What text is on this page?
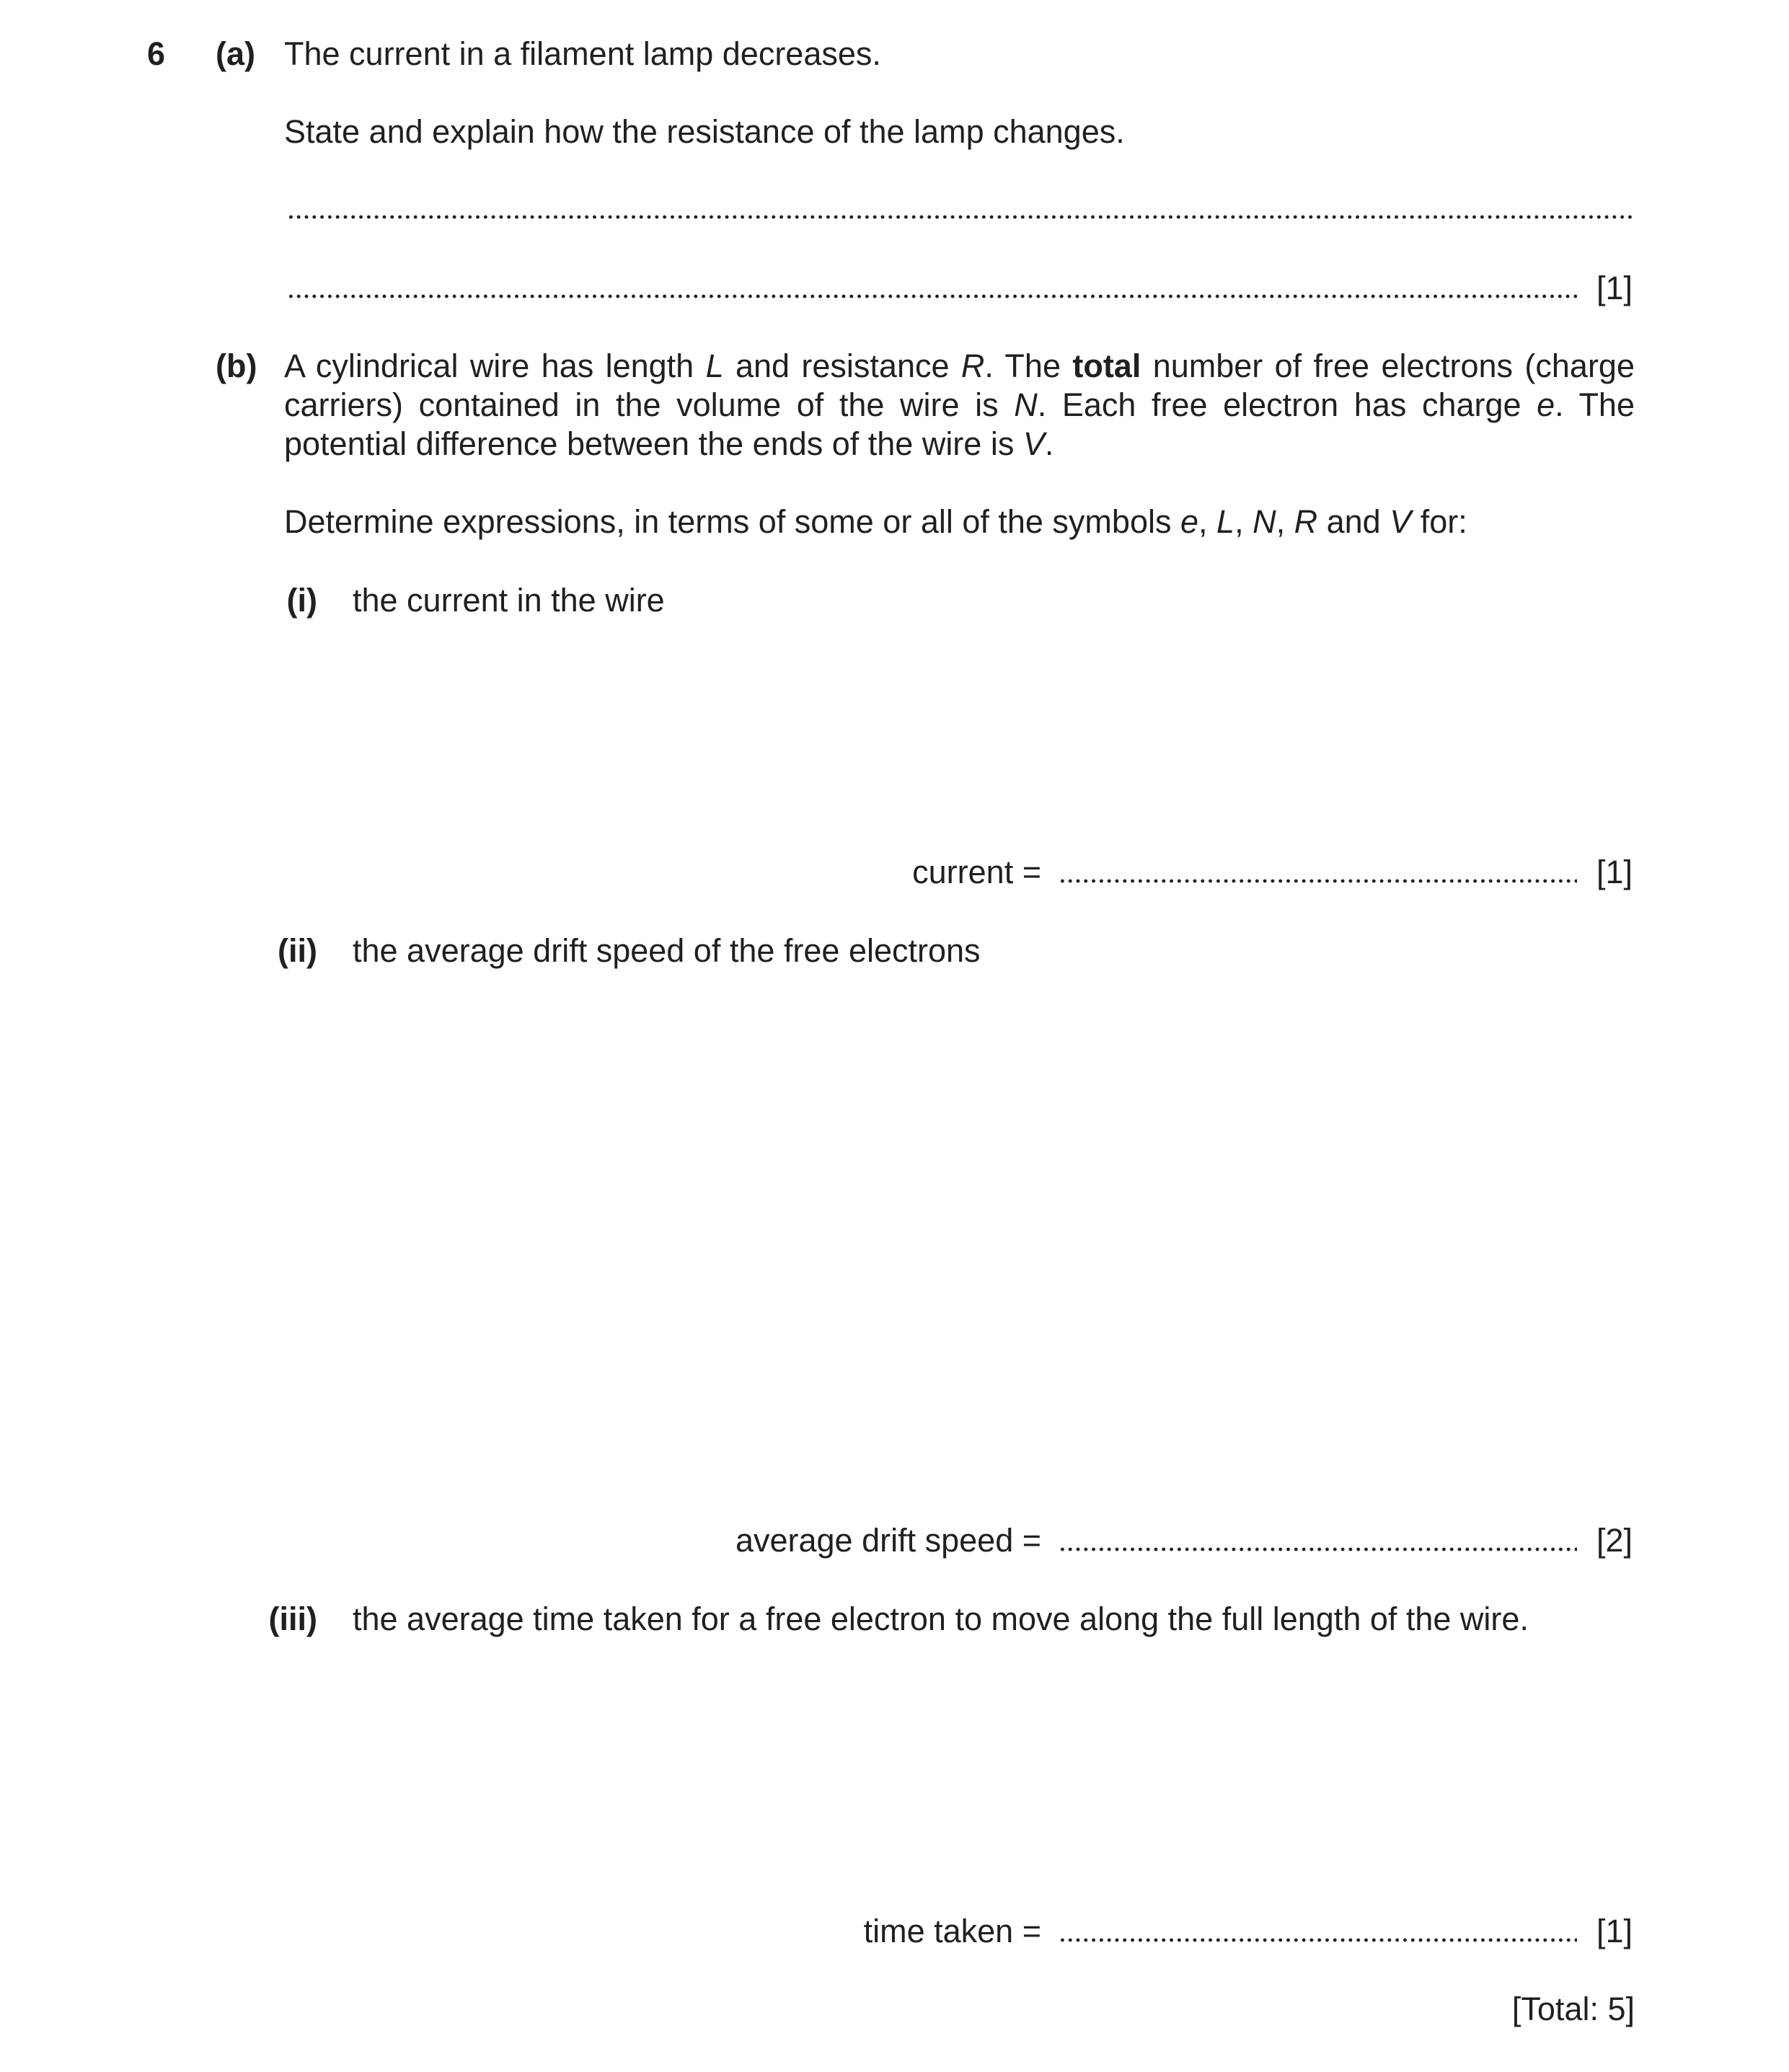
6 (a) The current in a filament lamp decreases.
State and explain how the resistance of the lamp changes.
[1]
(b) A cylindrical wire has length L and resistance R. The total number of free electrons (charge
carriers) contained in the volume of the wire is N. Each free electron has charge e. The
potential difference between the ends of the wire is V.
Determine expressions, in terms of some or all of the symbols e, L, N, R and V for:
(i) the current in the wire
current =	[1]
(ii) the average drift speed of the free electrons
average drift speed =	[2]
(iii) the average time taken for a free electron to move along the full length of the wire.
time taken =	[1]
[Total: 5]
